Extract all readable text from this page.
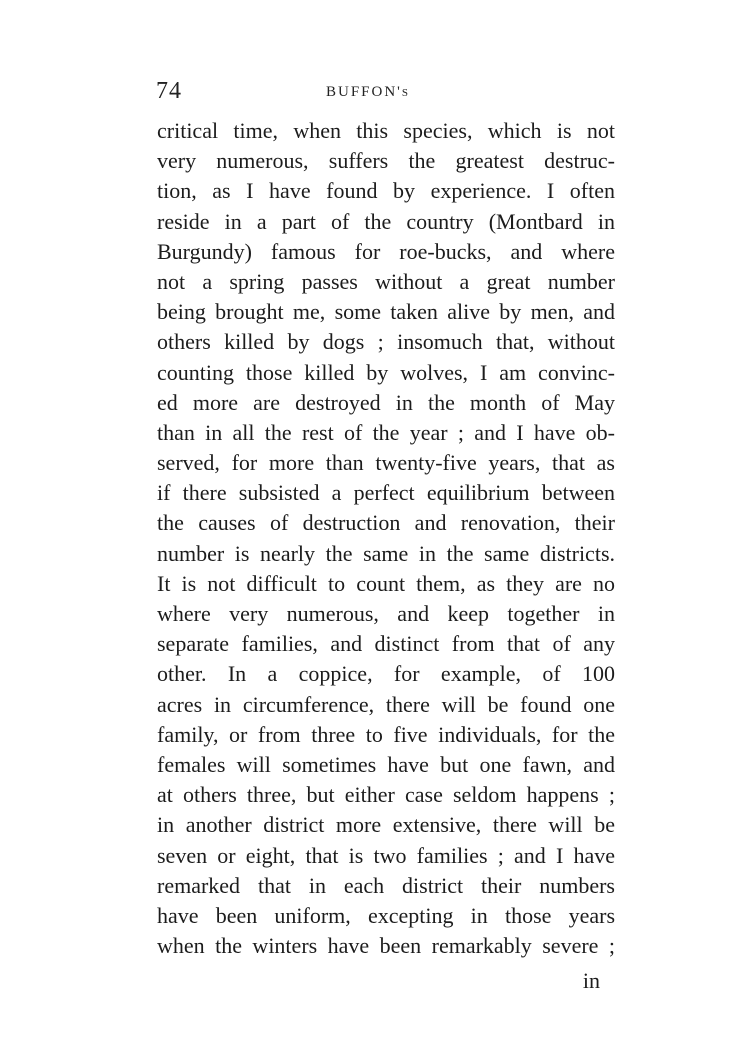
74	BUFFON's
critical time, when this species, which is not
very numerous, suffers the greatest destruc-
tion, as I have found by experience. I often
reside in a part of the country (Montbard in
Burgundy) famous for roe-bucks, and where
not a spring passes without a great number
being brought me, some taken alive by men, and
others killed by dogs ; insomuch that, without
counting those killed by wolves, I am convinc-
ed more are destroyed in the month of May
than in all the rest of the year ; and I have ob-
served, for more than twenty-five years, that as
if there subsisted a perfect equilibrium between
the causes of destruction and renovation, their
number is nearly the same in the same districts.
It is not difficult to count them, as they are no
where very numerous, and keep together in
separate families, and distinct from that of any
other. In a coppice, for example, of 100
acres in circumference, there will be found one
family, or from three to five individuals, for the
females will sometimes have but one fawn, and
at others three, but either case seldom happens ;
in another district more extensive, there will be
seven or eight, that is two families ; and I have
remarked that in each district their numbers
have been uniform, excepting in those years
when the winters have been remarkably severe ;
in
